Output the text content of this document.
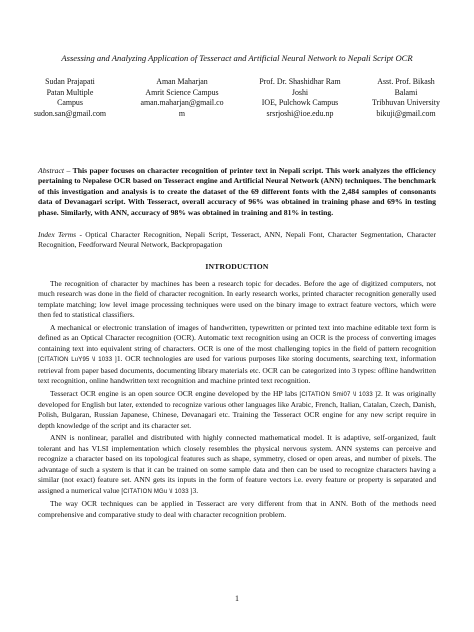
Assessing and Analyzing Application of Tesseract and Artificial Neural Network to Nepali Script OCR
Sudan Prajapati
Patan Multiple
Campus
sudon.san@gmail.com
Aman Maharjan
Amrit Science Campus
aman.maharjan@gmail.co
m
Prof. Dr. Shashidhar Ram
Joshi
IOE, Pulchowk Campus
srsrjoshi@ioe.edu.np
Asst. Prof. Bikash
Balami
Tribhuvan University
bikuji@gmail.com
Abstract – This paper focuses on character recognition of printer text in Nepali script. This work analyzes the efficiency pertaining to Nepalese OCR based on Tesseract engine and Artificial Neural Network (ANN) techniques. The benchmark of this investigation and analysis is to create the dataset of the 69 different fonts with the 2,484 samples of consonants data of Devanagari script. With Tesseract, overall accuracy of 96% was obtained in training phase and 69% in testing phase. Similarly, with ANN, accuracy of 98% was obtained in training and 81% in testing.
Index Terms - Optical Character Recognition, Nepali Script, Tesseract, ANN, Nepali Font, Character Segmentation, Character Recognition, Feedforward Neural Network, Backpropagation
INTRODUCTION

The recognition of character by machines has been a research topic for decades. Before the age of digitized computers, not much research was done in the field of character recognition. In early research works, printed character recognition generally used template matching; low level image processing techniques were used on the binary image to extract feature vectors, which were then fed to statistical classifiers.

A mechanical or electronic translation of images of handwritten, typewritten or printed text into machine editable text form is defined as an Optical Character recognition (OCR). Automatic text recognition using an OCR is the process of converting images containing text into equivalent string of characters. OCR is one of the most challenging topics in the field of pattern recognition [CITATION LuY95 \l 1033 ]1. OCR technologies are used for various purposes like storing documents, searching text, information retrieval from paper based documents, documenting library materials etc. OCR can be categorized into 3 types: offline handwritten text recognition, online handwritten text recognition and machine printed text recognition.

Tesseract OCR engine is an open source OCR engine developed by the HP labs [CITATION Smi07 \l 1033 ]2. It was originally developed for English but later, extended to recognize various other languages like Arabic, French, Italian, Catalan, Czech, Danish, Polish, Bulgaran, Russian Japanese, Chinese, Devanagari etc. Training the Tesseract OCR engine for any new script require in depth knowledge of the script and its character set.

ANN is nonlinear, parallel and distributed with highly connected mathematical model. It is adaptive, self-organized, fault tolerant and has VLSI implementation which closely resembles the physical nervous system. ANN systems can perceive and recognize a character based on its topological features such as shape, symmetry, closed or open areas, and number of pixels. The advantage of such a system is that it can be trained on some sample data and then can be used to recognize characters having a similar (not exact) feature set. ANN gets its inputs in the form of feature vectors i.e. every feature or property is separated and assigned a numerical value [CITATION MGu \l 1033 ]3.

The way OCR techniques can be applied in Tesseract are very different from that in ANN. Both of the methods need comprehensive and comparative study to deal with character recognition problem.

1
